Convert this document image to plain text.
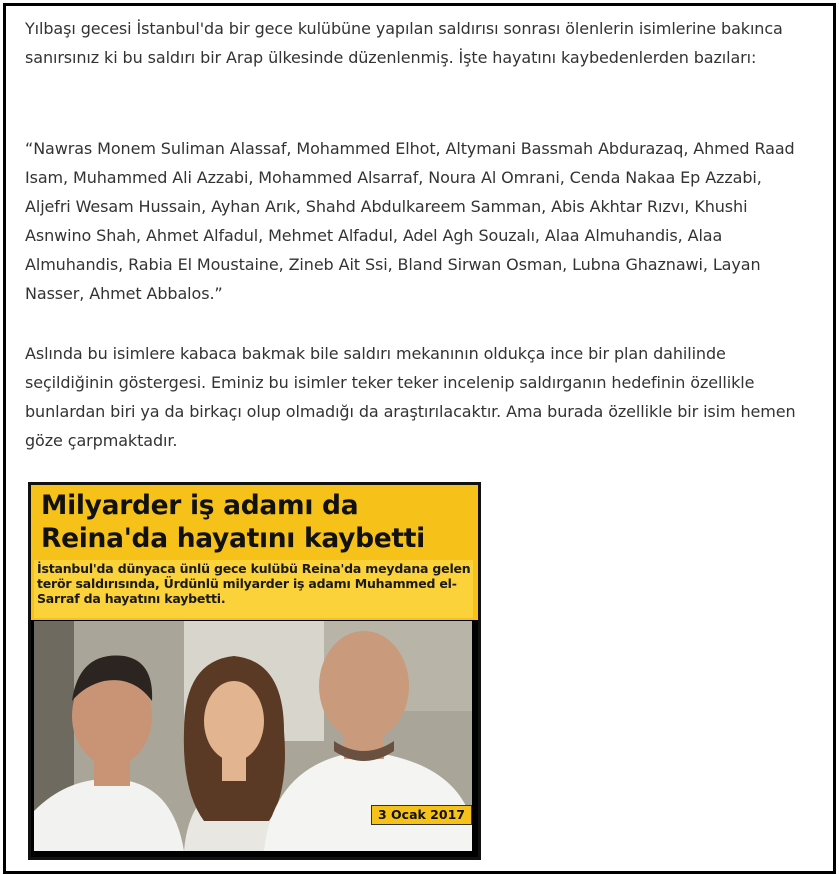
Yılbaşı gecesi İstanbul'da bir gece kulübüne yapılan saldırısı sonrası ölenlerin isimlerine bakınca sanırsınız ki bu saldırı bir Arap ülkesinde düzenlenmiş. İşte hayatını kaybedenlerden bazıları:

“Nawras Monem Suliman Alassaf, Mohammed Elhot, Altymani Bassmah Abdurazaq, Ahmed Raad Isam, Muhammed Ali Azzabi, Mohammed Alsarraf, Noura Al Omrani, Cenda Nakaa Ep Azzabi, Aljefri Wesam Hussain, Ayhan Arık, Shahd Abdulkareem Samman, Abis Akhtar Rızvı, Khushi Asnwino Shah, Ahmet Alfadul, Mehmet Alfadul, Adel Agh Souzalı, Alaa Almuhandis, Alaa Almuhandis, Rabia El Moustaine, Zineb Ait Ssi, Bland Sirwan Osman, Lubna Ghaznawi, Layan Nasser, Ahmet Abbalos.”

Aslında bu isimlere kabaca bakmak bile saldırı mekanının oldukça ince bir plan dahilinde seçildiğinin göstergesi. Eminiz bu isimler teker teker incelenip saldırganın hedefinin özellikle bunlardan biri ya da birkaçı olup olmadığı da araştırılacaktır. Ama burada özellikle bir isim hemen göze çarpmaktadır.

Milyarder iş adamı da Reina'da hayatını kaybetti
İstanbul'da dünyaca ünlü gece kulübü Reina'da meydana gelen terör saldırısında, Ürdünlü milyarder iş adamı Muhammed el-Sarraf da hayatını kaybetti.
3 Ocak 2017
